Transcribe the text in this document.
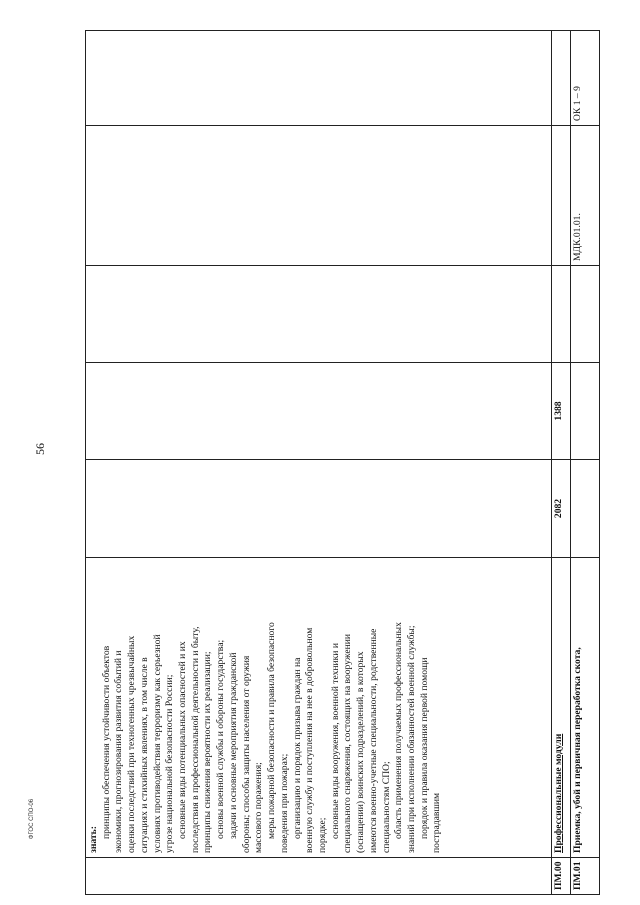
56
знать:
принципы обеспечения устойчивости объектов экономики, прогнозирования развития событий и оценки последствий при техногенных чрезвычайных ситуациях и стихийных явлениях, в том числе в условиях противодействия терроризму как серьезной угрозе национальной безопасности России; основные виды потенциальных опасностей и их последствия в профессиональной деятельности и быту, принципы снижения вероятности их реализации; основы военной службы и обороны государства; задачи и основные мероприятия гражданской обороны; способы защиты населения от оружия массового поражения; меры пожарной безопасности и правила безопасного поведения при пожарах; организацию и порядок призыва граждан на военную службу и поступления на нее в добровольном порядке; основные виды вооружения, военной техники и специального снаряжения, состоящих на вооружении (оснащении) воинских подразделений, в которых имеются военно-учетные специальности, родственные специальностям СПО; область применения получаемых профессиональных знаний при исполнении обязанностей военной службы; порядок и правила оказания первой помощи пострадавшим
ПМ.00
Профессиональные модули
2082
1388
ПМ.01
Приемка, убой и первичная переработка скота,
МДК.01.01.
ОК 1 – 9
ФГОС СПО-06
